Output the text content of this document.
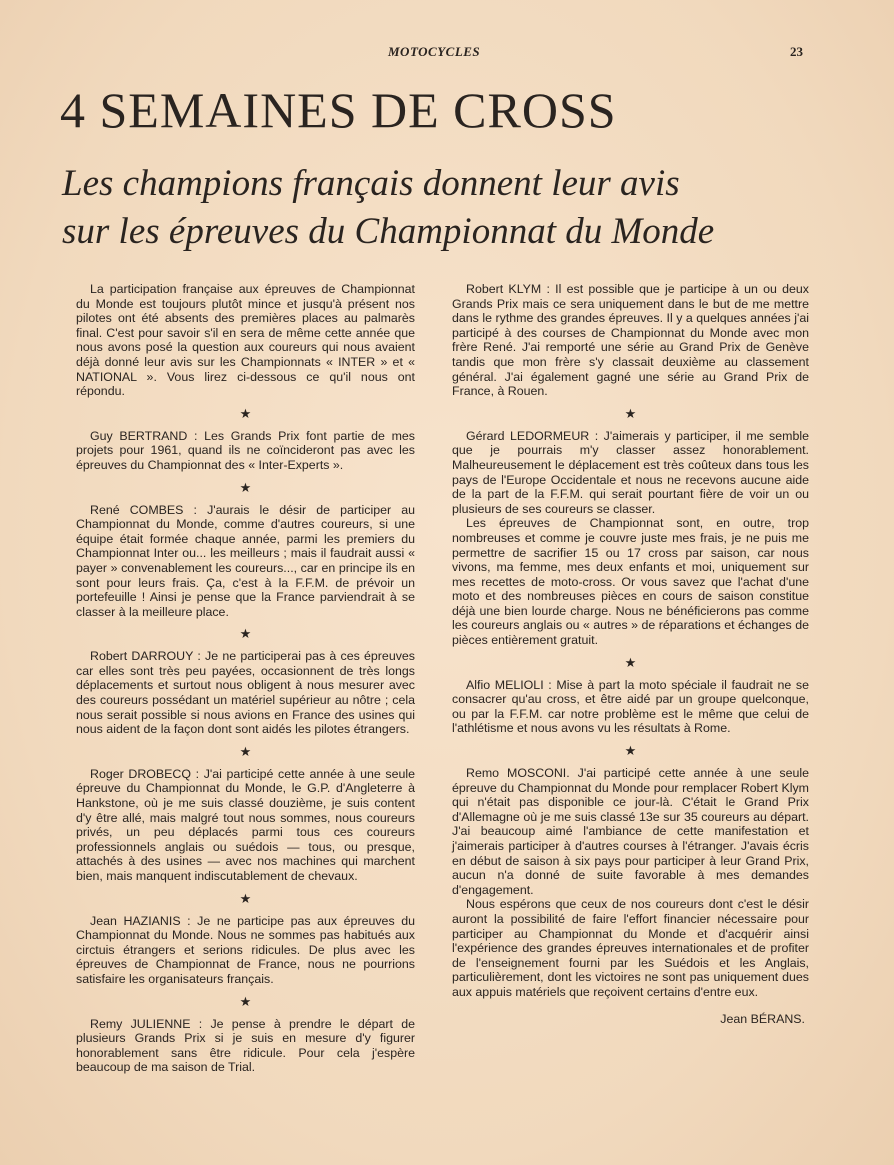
MOTOCYCLES	23
4 SEMAINES DE CROSS
Les champions français donnent leur avis
sur les épreuves du Championnat du Monde

La participation française aux épreuves de Championnat du Monde est toujours plutôt mince et jusqu'à présent nos pilotes ont été absents des premières places au palmarès final. C'est pour savoir s'il en sera de même cette année que nous avons posé la question aux coureurs qui nous avaient déjà donné leur avis sur les Championnats « INTER » et « NATIONAL ». Vous lirez ci-dessous ce qu'il nous ont répondu.

★

Guy BERTRAND : Les Grands Prix font partie de mes projets pour 1961, quand ils ne coïncideront pas avec les épreuves du Championnat des « Inter-Experts ».

★

René COMBES : J'aurais le désir de participer au Championnat du Monde, comme d'autres coureurs, si une équipe était formée chaque année, parmi les premiers du Championnat Inter ou... les meilleurs ; mais il faudrait aussi « payer » convenablement les coureurs..., car en principe ils en sont pour leurs frais. Ça, c'est à la F.F.M. de prévoir un portefeuille ! Ainsi je pense que la France parviendrait à se classer à la meilleure place.

★

Robert DARROUY : Je ne participerai pas à ces épreuves car elles sont très peu payées, occasionnent de très longs déplacements et surtout nous obligent à nous mesurer avec des coureurs possédant un matériel supérieur au nôtre ; cela nous serait possible si nous avions en France des usines qui nous aident de la façon dont sont aidés les pilotes étrangers.

★

Roger DROBECQ : J'ai participé cette année à une seule épreuve du Championnat du Monde, le G.P. d'Angleterre à Hankstone, où je me suis classé douzième, je suis content d'y être allé, mais malgré tout nous sommes, nous coureurs privés, un peu déplacés parmi tous ces coureurs professionnels anglais ou suédois — tous, ou presque, attachés à des usines — avec nos machines qui marchent bien, mais manquent indiscutablement de chevaux.

★

Jean HAZIANIS : Je ne participe pas aux épreuves du Championnat du Monde. Nous ne sommes pas habitués aux circtuis étrangers et serions ridicules. De plus avec les épreuves de Championnat de France, nous ne pourrions satisfaire les organisateurs français.

★

Remy JULIENNE : Je pense à prendre le départ de plusieurs Grands Prix si je suis en mesure d'y figurer honorablement sans être ridicule. Pour cela j'espère beaucoup de ma saison de Trial.

Robert KLYM : Il est possible que je participe à un ou deux Grands Prix mais ce sera uniquement dans le but de me mettre dans le rythme des grandes épreuves. Il y a quelques années j'ai participé à des courses de Championnat du Monde avec mon frère René. J'ai remporté une série au Grand Prix de Genève tandis que mon frère s'y classait deuxième au classement général. J'ai également gagné une série au Grand Prix de France, à Rouen.

★

Gérard LEDORMEUR : J'aimerais y participer, il me semble que je pourrais m'y classer assez honorablement. Malheureusement le déplacement est très coûteux dans tous les pays de l'Europe Occidentale et nous ne recevons aucune aide de la part de la F.F.M. qui serait pourtant fière de voir un ou plusieurs de ses coureurs se classer.

Les épreuves de Championnat sont, en outre, trop nombreuses et comme je couvre juste mes frais, je ne puis me permettre de sacrifier 15 ou 17 cross par saison, car nous vivons, ma femme, mes deux enfants et moi, uniquement sur mes recettes de moto-cross. Or vous savez que l'achat d'une moto et des nombreuses pièces en cours de saison constitue déjà une bien lourde charge. Nous ne bénéficierons pas comme les coureurs anglais ou « autres » de réparations et échanges de pièces entièrement gratuit.

★

Alfio MELIOLI : Mise à part la moto spéciale il faudrait ne se consacrer qu'au cross, et être aidé par un groupe quelconque, ou par la F.F.M. car notre problème est le même que celui de l'athlétisme et nous avons vu les résultats à Rome.

★

Remo MOSCONI. J'ai participé cette année à une seule épreuve du Championnat du Monde pour remplacer Robert Klym qui n'était pas disponible ce jour-là. C'était le Grand Prix d'Allemagne où je me suis classé 13e sur 35 coureurs au départ. J'ai beaucoup aimé l'ambiance de cette manifestation et j'aimerais participer à d'autres courses à l'étranger. J'avais écris en début de saison à six pays pour participer à leur Grand Prix, aucun n'a donné de suite favorable à mes demandes d'engagement.

Nous espérons que ceux de nos coureurs dont c'est le désir auront la possibilité de faire l'effort financier nécessaire pour participer au Championnat du Monde et d'acquérir ainsi l'expérience des grandes épreuves internationales et de profiter de l'enseignement fourni par les Suédois et les Anglais, particulièrement, dont les victoires ne sont pas uniquement dues aux appuis matériels que reçoivent certains d'entre eux.

Jean BÉRANS.
